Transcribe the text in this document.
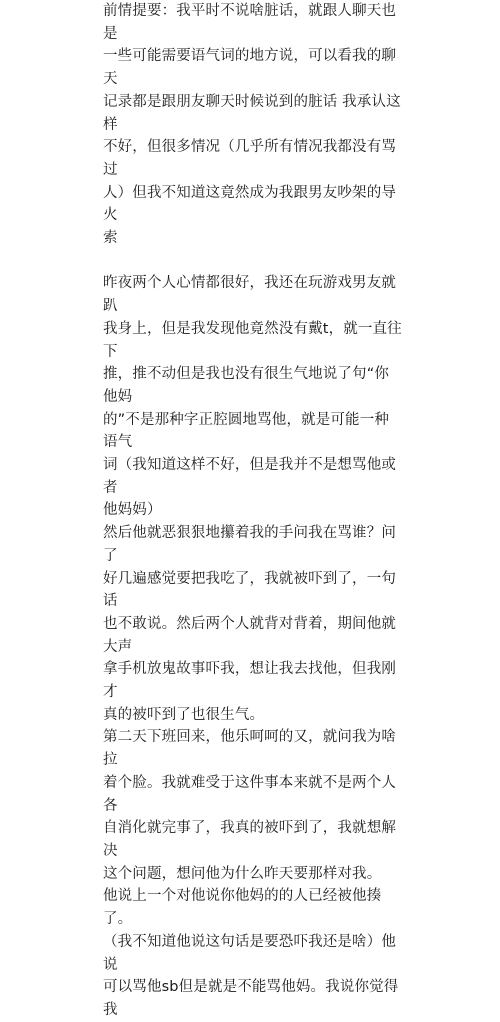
前情提要：我平时不说啥脏话，就跟人聊天也是
一些可能需要语气词的地方说，可以看我的聊天
记录都是跟朋友聊天时候说到的脏话 我承认这样
不好，但很多情况（几乎所有情况我都没有骂过
人）但我不知道这竟然成为我跟男友吵架的导火
索

昨夜两个人心情都很好，我还在玩游戏男友就趴
我身上，但是我发现他竟然没有戴t，就一直往下
推，推不动但是我也没有很生气地说了句“你他妈
的”不是那种字正腔圆地骂他，就是可能一种语气
词（我知道这样不好，但是我并不是想骂他或者
他妈妈）

然后他就恶狠狠地攥着我的手问我在骂谁？问了
好几遍感觉要把我吃了，我就被吓到了，一句话
也不敢说。然后两个人就背对背着，期间他就大声
拿手机放鬼故事吓我，想让我去找他，但我刚才
真的被吓到了也很生气。

第二天下班回来，他乐呵呵的又，就问我为啥拉
着个脸。我就难受于这件事本来就不是两个人各
自消化就完事了，我真的被吓到了，我就想解决
这个问题，想问他为什么昨天要那样对我。

他说上一个对他说你他妈的的人已经被他揍了。
（我不知道他说这句话是要恐吓我还是啥）他说
可以骂他sb但是就是不能骂他妈。我说你觉得我
